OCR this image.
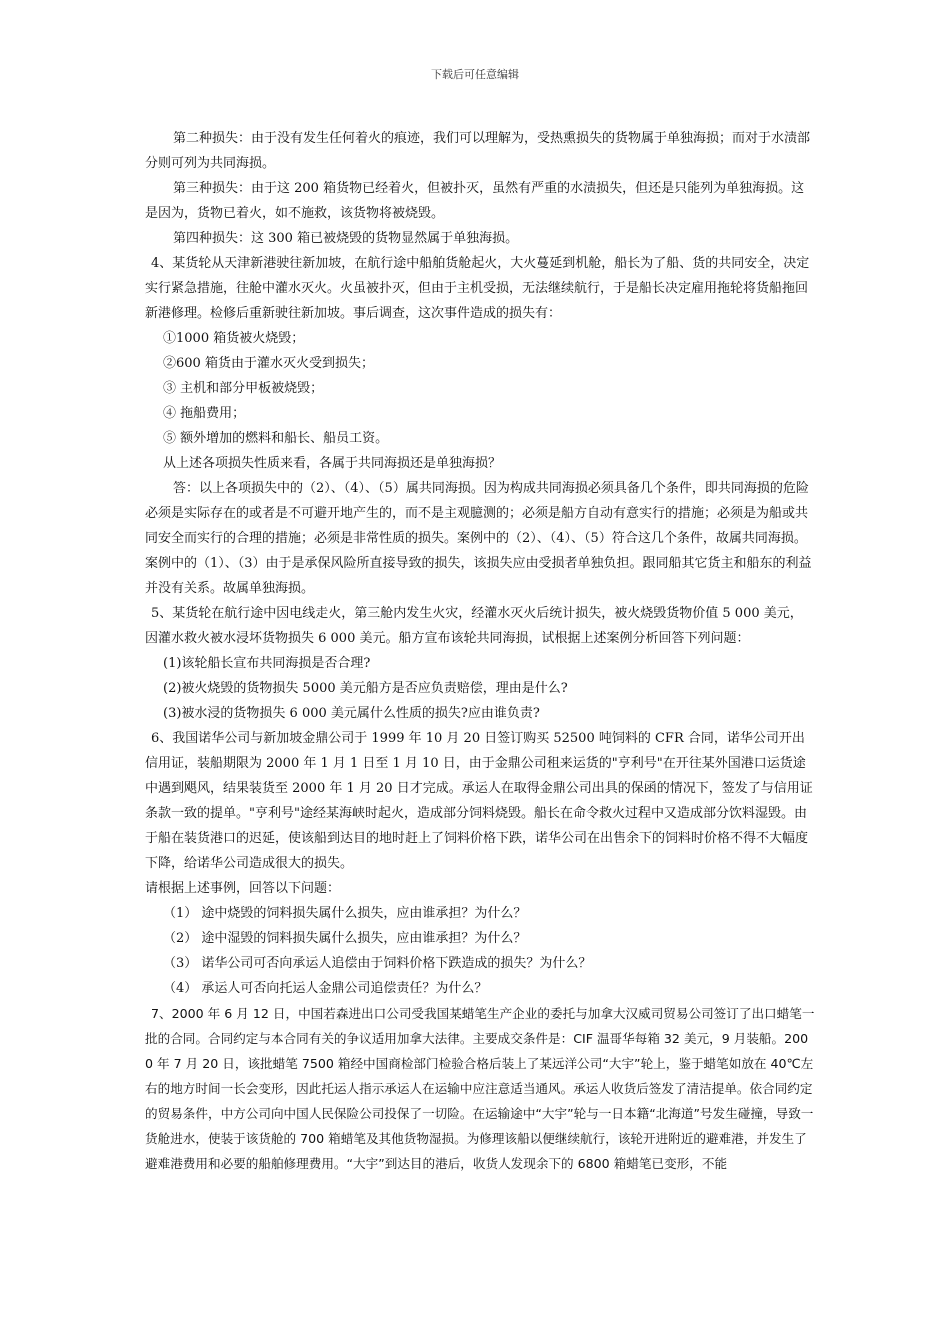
下载后可任意编辑

第二种损失：由于没有发生任何着火的痕迹，我们可以理解为，受热熏损失的货物属于单独海损；而对于水渍部分则可列为共同海损。

第三种损失：由于这 200 箱货物已经着火，但被扑灭，虽然有严重的水渍损失，但还是只能列为单独海损。这是因为，货物已着火，如不施救，该货物将被烧毁。

第四种损失：这 300 箱已被烧毁的货物显然属于单独海损。

4、某货轮从天津新港驶往新加坡，在航行途中船舶货舱起火，大火蔓延到机舱，船长为了船、货的共同安全，决定实行紧急措施，往舱中灌水灭火。火虽被扑灭，但由于主机受损，无法继续航行，于是船长决定雇用拖轮将货船拖回新港修理。检修后重新驶往新加坡。事后调查，这次事件造成的损失有：

①1000 箱货被火烧毁；

②600 箱货由于灌水灭火受到损失；

③ 主机和部分甲板被烧毁；

④ 拖船费用；

⑤ 额外增加的燃料和船长、船员工资。

从上述各项损失性质来看，各属于共同海损还是单独海损？

答：以上各项损失中的（2）、（4）、（5）属共同海损。因为构成共同海损必须具备几个条件，即共同海损的危险必须是实际存在的或者是不可避开地产生的，而不是主观臆测的；必须是船方自动有意实行的措施；必须是为船或共同安全而实行的合理的措施；必须是非常性质的损失。案例中的（2）、（4）、（5）符合这几个条件，故属共同海损。案例中的（1）、（3）由于是承保风险所直接导致的损失，该损失应由受损者单独负担。跟同船其它货主和船东的利益并没有关系。故属单独海损。

5、某货轮在航行途中因电线走火，第三舱内发生火灾，经灌水灭火后统计损失，被火烧毁货物价值 5 000 美元，因灌水救火被水浸坏货物损失 6 000 美元。船方宣布该轮共同海损，试根据上述案例分析回答下列问题：

(1)该轮船长宣布共同海损是否合理?

(2)被火烧毁的货物损失 5000 美元船方是否应负责赔偿，理由是什么?

(3)被水浸的货物损失 6 000 美元属什么性质的损失?应由谁负责?

6、我国诺华公司与新加坡金鼎公司于 1999 年 10 月 20 日签订购买 52500 吨饲料的 CFR 合同，诺华公司开出信用证，装船期限为 2000 年 1 月 1 日至 1 月 10 日，由于金鼎公司租来运货的"亨利号"在开往某外国港口运货途中遇到飓风，结果装货至 2000 年 1 月 20 日才完成。承运人在取得金鼎公司出具的保函的情况下，签发了与信用证条款一致的提单。"亨利号"途经某海峡时起火，造成部分饲料烧毁。船长在命令救火过程中又造成部分饮料湿毁。由于船在装货港口的迟延，使该船到达目的地时赶上了饲料价格下跌，诺华公司在出售余下的饲料时价格不得不大幅度下降，给诺华公司造成很大的损失。

请根据上述事例，回答以下问题：

（1） 途中烧毁的饲料损失属什么损失，应由谁承担？为什么？

（2） 途中湿毁的饲料损失属什么损失，应由谁承担？为什么？

（3） 诺华公司可否向承运人追偿由于饲料价格下跌造成的损失？为什么？

（4） 承运人可否向托运人金鼎公司追偿责任？为什么？

7、2000 年 6 月 12 日，中国若森进出口公司受我国某蜡笔生产企业的委托与加拿大汉威司贸易公司签订了出口蜡笔一批的合同。合同约定与本合同有关的争议适用加拿大法律。主要成交条件是：CIF 温哥华每箱 32 美元，9 月装船。2000 年 7 月 20 日，该批蜡笔 7500 箱经中国商检部门检验合格后装上了某远洋公司“大宇”轮上，鉴于蜡笔如放在 40℃左右的地方时间一长会变形，因此托运人指示承运人在运输中应注意适当通风。承运人收货后签发了清洁提单。依合同约定的贸易条件，中方公司向中国人民保险公司投保了一切险。在运输途中“大宇”轮与一日本籍“北海道”号发生碰撞，导致一货舱进水，使装于该货舱的 700 箱蜡笔及其他货物湿损。为修理该船以便继续航行，该轮开进附近的避难港，并发生了避难港费用和必要的船舶修理费用。“大宇”到达目的港后，收货人发现余下的 6800 箱蜡笔已变形，不能
